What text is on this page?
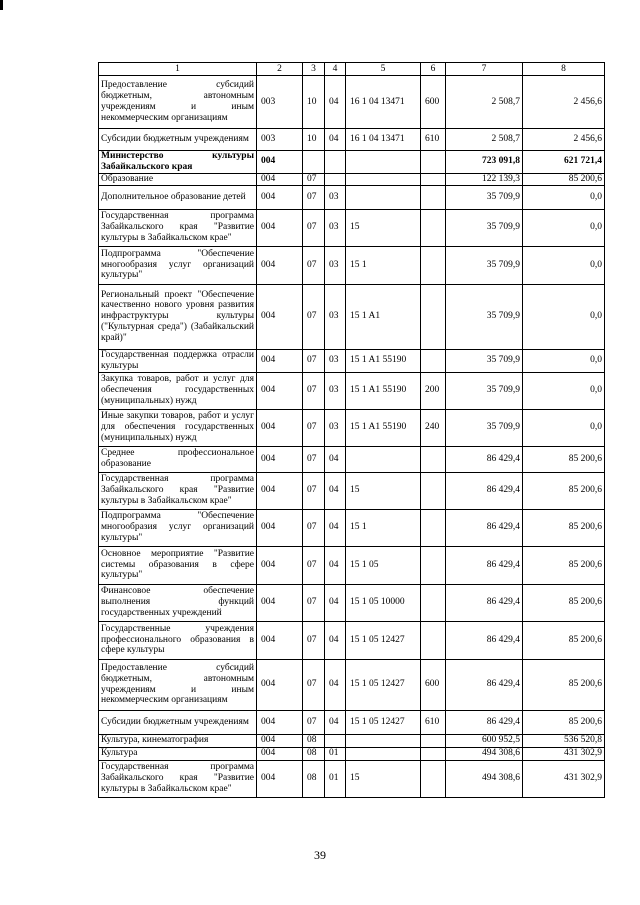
1	2	3	4	5	6	7	8
Предоставление субсидий бюджетным, автономным учреждениям и иным некоммерческим организациям	003	10	04	16 1 04 13471	600	2 508,7	2 456,6
Субсидии бюджетным учреждениям	003	10	04	16 1 04 13471	610	2 508,7	2 456,6
Министерство культуры Забайкальского края	004					723 091,8	621 721,4
Образование	004	07				122 139,3	85 200,6
Дополнительное образование детей	004	07	03			35 709,9	0,0
Государственная программа Забайкальского края "Развитие культуры в Забайкальском крае"	004	07	03	15		35 709,9	0,0
Подпрограмма "Обеспечение многообразия услуг организаций культуры"	004	07	03	15 1		35 709,9	0,0
Региональный проект "Обеспечение качественно нового уровня развития инфраструктуры культуры ("Культурная среда") (Забайкальский край)"	004	07	03	15 1 A1		35 709,9	0,0
Государственная поддержка отрасли культуры	004	07	03	15 1 A1 55190		35 709,9	0,0
Закупка товаров, работ и услуг для обеспечения государственных (муниципальных) нужд	004	07	03	15 1 A1 55190	200	35 709,9	0,0
Иные закупки товаров, работ и услуг для обеспечения государственных (муниципальных) нужд	004	07	03	15 1 A1 55190	240	35 709,9	0,0
Среднее профессиональное образование	004	07	04			86 429,4	85 200,6
Государственная программа Забайкальского края "Развитие культуры в Забайкальском крае"	004	07	04	15		86 429,4	85 200,6
Подпрограмма "Обеспечение многообразия услуг организаций культуры"	004	07	04	15 1		86 429,4	85 200,6
Основное мероприятие "Развитие системы образования в сфере культуры"	004	07	04	15 1 05		86 429,4	85 200,6
Финансовое обеспечение выполнения функций государственных учреждений	004	07	04	15 1 05 10000		86 429,4	85 200,6
Государственные учреждения профессионального образования в сфере культуры	004	07	04	15 1 05 12427		86 429,4	85 200,6
Предоставление субсидий бюджетным, автономным учреждениям и иным некоммерческим организациям	004	07	04	15 1 05 12427	600	86 429,4	85 200,6
Субсидии бюджетным учреждениям	004	07	04	15 1 05 12427	610	86 429,4	85 200,6
Культура, кинематография	004	08				600 952,5	536 520,8
Культура	004	08	01			494 308,6	431 302,9
Государственная программа Забайкальского края "Развитие культуры в Забайкальском крае"	004	08	01	15		494 308,6	431 302,9
39
